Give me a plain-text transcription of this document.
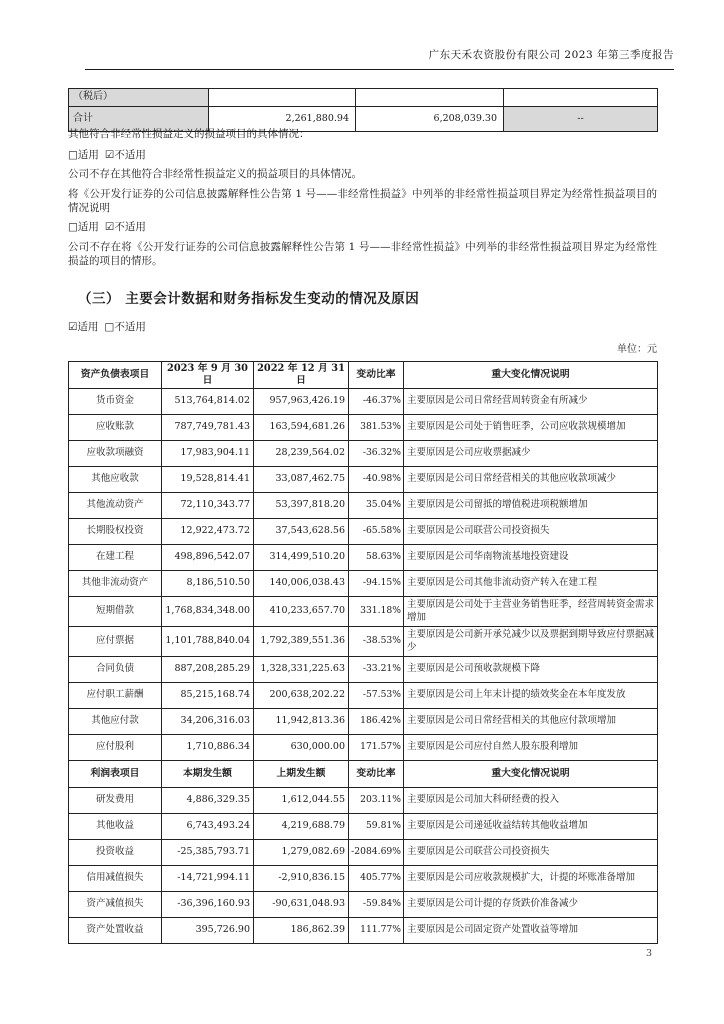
广东天禾农资股份有限公司 2023 年第三季度报告
（税后）			
合计	2,261,880.94	6,208,039.30	--
其他符合非经常性损益定义的损益项目的具体情况：
□适用 ☑不适用
公司不存在其他符合非经常性损益定义的损益项目的具体情况。
将《公开发行证券的公司信息披露解释性公告第 1 号——非经常性损益》中列举的非经常性损益项目界定为经常性损益项目的情况说明
□适用 ☑不适用
公司不存在将《公开发行证券的公司信息披露解释性公告第 1 号——非经常性损益》中列举的非经常性损益项目界定为经常性损益的项目的情形。
（三） 主要会计数据和财务指标发生变动的情况及原因
☑适用 □不适用
单位：元
资产负债表项目	2023 年 9 月 30 日	2022 年 12 月 31 日	变动比率	重大变化情况说明
货币资金	513,764,814.02	957,963,426.19	-46.37%	主要原因是公司日常经营周转资金有所减少
应收账款	787,749,781.43	163,594,681.26	381.53%	主要原因是公司处于销售旺季，公司应收款规模增加
应收款项融资	17,983,904.11	28,239,564.02	-36.32%	主要原因是公司应收票据减少
其他应收款	19,528,814.41	33,087,462.75	-40.98%	主要原因是公司日常经营相关的其他应收款项减少
其他流动资产	72,110,343.77	53,397,818.20	35.04%	主要原因是公司留抵的增值税进项税额增加
长期股权投资	12,922,473.72	37,543,628.56	-65.58%	主要原因是公司联营公司投资损失
在建工程	498,896,542.07	314,499,510.20	58.63%	主要原因是公司华南物流基地投资建设
其他非流动资产	8,186,510.50	140,006,038.43	-94.15%	主要原因是公司其他非流动资产转入在建工程
短期借款	1,768,834,348.00	410,233,657.70	331.18%	主要原因是公司处于主营业务销售旺季，经营周转资金需求增加
应付票据	1,101,788,840.04	1,792,389,551.36	-38.53%	主要原因是公司新开承兑减少以及票据到期导致应付票据减少
合同负债	887,208,285.29	1,328,331,225.63	-33.21%	主要原因是公司预收款规模下降
应付职工薪酬	85,215,168.74	200,638,202.22	-57.53%	主要原因是公司上年末计提的绩效奖金在本年度发放
其他应付款	34,206,316.03	11,942,813.36	186.42%	主要原因是公司日常经营相关的其他应付款项增加
应付股利	1,710,886.34	630,000.00	171.57%	主要原因是公司应付自然人股东股利增加
利润表项目	本期发生额	上期发生额	变动比率	重大变化情况说明
研发费用	4,886,329.35	1,612,044.55	203.11%	主要原因是公司加大科研经费的投入
其他收益	6,743,493.24	4,219,688.79	59.81%	主要原因是公司递延收益结转其他收益增加
投资收益	-25,385,793.71	1,279,082.69	-2084.69%	主要原因是公司联营公司投资损失
信用减值损失	-14,721,994.11	-2,910,836.15	405.77%	主要原因是公司应收款规模扩大，计提的坏账准备增加
资产减值损失	-36,396,160.93	-90,631,048.93	-59.84%	主要原因是公司计提的存货跌价准备减少
资产处置收益	395,726.90	186,862.39	111.77%	主要原因是公司固定资产处置收益等增加
3
